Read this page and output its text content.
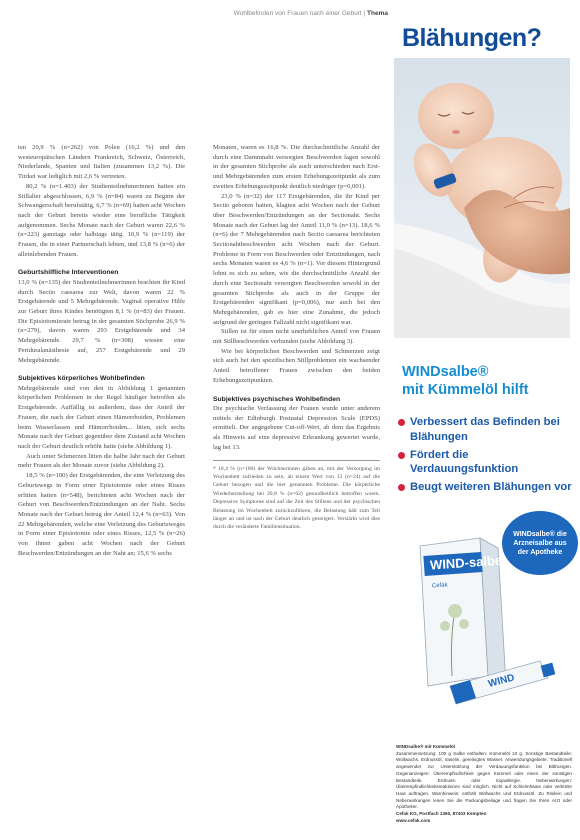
Wohlbefinden von Frauen nach einer Geburt | Thema

ten 20,9 % (n=262) von Polen (16,2 %) und den westeuropäischen Ländern Frankreich, Schweiz, Österreich, Niederlande, Spanien und Italien (zusammen 13,2 %). Die Türkei war lediglich mit 2,6 % vertreten.

80,2 % (n=1.403) der Studienteilnehmerinnen hatten ein Stillalter abgeschlossen, 6,9 % (n=84) waren zu Beginn der Schwangerschaft berufstätig, 6,7 % (n=69) hatten acht Wochen nach der Geburt bereits wieder eine berufliche Tätigkeit aufgenommen. Sechs Monate nach der Geburt waren 22,6 % (n=223) ganztags oder halbtags tätig. 10,9 % (n=119) der Frauen, die in einer Partnerschaft lebten, und 13,8 % (n=6) der alleinlebenden Frauen.

Geburtshilfliche Interventionen

13,0 % (n=135) der Studienteilnehmerinnen brachten ihr Kind durch Sectio caesarea zur Welt, davon waren 22 % Erstgebärende und 5 Mehrgebärende. Vaginal operative Hilfe zur Geburt ihres Kindes benötigten 8,1 % (n=83) der Frauen. Die Episiotomierate betrug in der gesamten Stichprobe 26,9 % (n=279), davon waren 293 Erstgebärende und 34 Mehrgebärende. 29,7 % (n=308) wiesen eine Periduralanästhesie auf, 257 Erstgebärende und 29 Mehrgebärende.

Subjektives körperliches Wohlbefinden

Mehrgebärende sind von den in Abbildung 1 genannten körperlichen Problemen in der Regel häufiger betroffen als Erstgebärende. Auffällig ist außerdem, dass der Anteil der Frauen, die nach der Geburt einen Hämorrhoiden, Problemen beim Wasserlassen und Hämorrhoiden... litten, sich sechs Monate nach der Geburt gegenüber dem Zustand acht Wochen nach der Geburt deutlich erhöht hatte (siehe Abbildung 1).

Auch unter Schmerzen litten die halbe Jahr nach der Geburt mehr Frauen als der Monate zuvor (siehe Abbildung 2).

18,5 % (n=100) der Erstgebärenden, die eine Verletzung des Geburtswegs in Form einer Episiotomie oder eines Risses erlitten hatten (n=548), berichteten acht Wochen nach der Geburt von Beschwerden/Entzündungen an der Naht. Sechs Monate nach der Geburt betrug der Anteil 12,4 % (n=63). Von 22 Mehrgebärenden, welche eine Verletzung des Geburtsweges in Form einer Episiotomie oder eines Risses, 12,5 % (n=26) von ihnen gaben acht Wochen nach der Geburt Beschwerden/Entzündungen an der Naht an; 15,6 % sechs

Monaten, waren es 16,8 %. Die durchschnittliche Anzahl der durch eine Dammnaht versorgten Beschwerden lagen sowohl in der gesamten Stichprobe als auch unterschieden nach Erst- und Mehrgebärenden zum ersten Erhebungszeitpunkt als zum zweiten Erhebungszeitpunkt deutlich niedriger (p=0,001).

23,0 % (n=32) der 117 Erstgebärenden, die ihr Kind per Sectio geboren hatten, klagten acht Wochen nach der Geburt über Beschwerden/Entzündungen an der Sectionaht. Sechs Monate nach der Geburt lag der Anteil 11,0 % (n=13). 18,6 % (n=6) der 7 Mehrgebärenden nach Sectio caesarea berichteten Sectionahtbeschwerden acht Wochen nach der Geburt. Probleme in Form von Beschwerden oder Entzündungen, nach sechs Monaten waren es 4,6 % (n=1). Vor diesem Hintergrund lohnt es sich zu sehen, wie die durchschnittliche Anzahl der durch eine Sectionaht versorgten Beschwerden sowohl in der gesamten Stichprobe als auch in der Gruppe der Erstgebärenden signifikant (p=0,006), nur auch bei den Mehrgebärenden, gab es hier eine Zunahme, die jedoch aufgrund der geringen Fallzahl nicht signifikant war.

Stillen ist für einen nicht unerheblichen Anteil von Frauen mit Stillbeschwerden verbunden (siehe Abbildung 3).

Wie bei körperlichen Beschwerden und Schmerzen zeigt sich auch bei den spezifischen Stillproblemen ein wachsender Anteil betroffener Frauen zwischen den beiden Erhebungszeitpunkten.

Subjektives psychisches Wohlbefinden

Die psychische Verfassung der Frauen wurde unter anderem mittels der Edinburgh Postnatal Depression Scale (EPDS) ermittelt. Der angegebene Cut-off-Wert, ab dem das Ergebnis als Hinweis auf eine depressive Erkrankung gewertet wurde, lag bei 13.

* 18,4 % (n=180) der Wöchnerinnen gaben an, mit der Versorgung im Wochenbett zufrieden zu sein, ab einem Wert von 13 (n=24) auf die Geburt bezogen und die hier genannten Probleme. Die körperliche Wiederherstellung bei 20,8 % (n=62) gesundheitlich betroffen waren. Depressive Symptome sind auf die Zeit des Stillens und der psychischen Belastung im Wochenbett zurückzuführen, die Belastung hält zum Teil länger an und ist nach der Geburt deutlich gesteigert. Verstärkt wird dies durch die veränderte Familiensituation.

Blähungen?
WINDsalbe®
mit Kümmelöl hilft
Verbessert das Befinden bei Blähungen
Fördert die Verdauungsfunktion
Beugt weiteren Blähungen vor
WIND-salbe
Cefak
WIND
WINDsalbe® die Arzneisalbe aus der Apotheke

WINDsalbe® mit Kümmelöl

Zusammensetzung: 100 g Salbe enthalten: Kümmelöl 10 g. Sonstige Bestandteile: Wollwachs, Erdnussöl, Vaselin, gereinigtes Wasser. Anwendungsgebiete: Traditionell angewendet zur Unterstützung der Verdauungsfunktion bei Blähungen. Gegenanzeigen: Überempfindlichkeit gegen Kümmel oder einen der sonstigen Bestandteile, Erdnuss- oder Sojaallergie. Nebenwirkungen: Überempfindlichkeitsreaktionen sind möglich. Nicht auf Schleimhäute oder verletzte Haut auftragen. Warnhinweis: enthält Wollwachs und Erdnussöl. Zu Risiken und Nebenwirkungen lesen Sie die Packungsbeilage und fragen Sie Ihren Arzt oder Apotheker.

Cefak KG, Postfach 1360, 87403 Kempten

www.cefak.com
